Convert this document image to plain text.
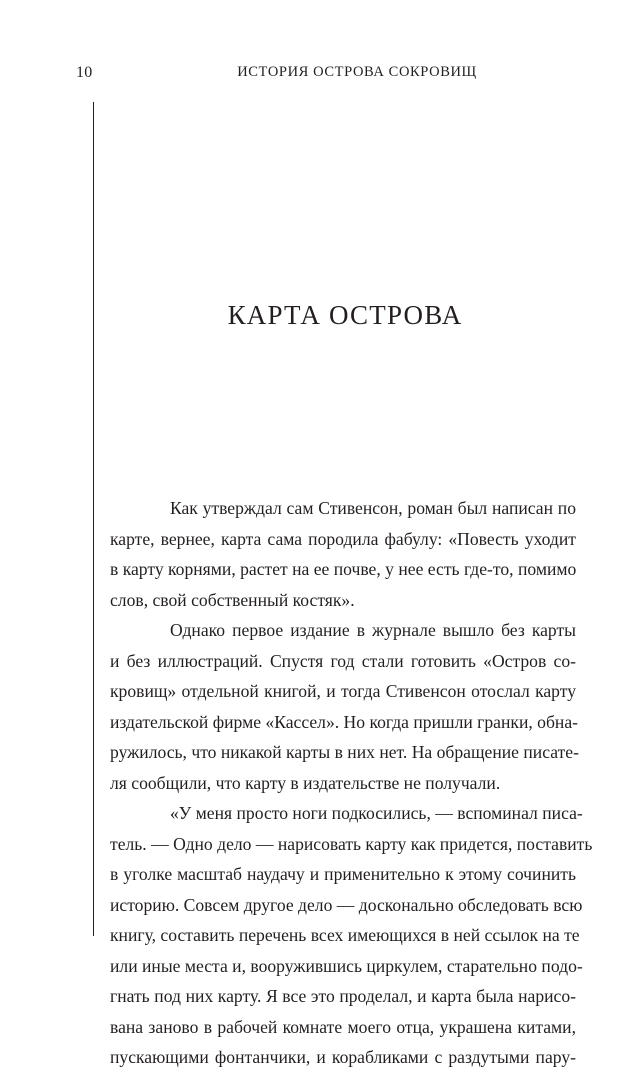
10	ИСТОРИЯ ОСТРОВА СОКРОВИЩ
КАРТА ОСТРОВА
Как утверждал сам Стивенсон, роман был написан по
карте, вернее, карта сама породила фабулу: «Повесть уходит
в карту корнями, растет на ее почве, у нее есть где-то, помимо
слов, свой собственный костяк».
Однако первое издание в журнале вышло без карты
и без иллюстраций. Спустя год стали готовить «Остров со-
кровищ» отдельной книгой, и тогда Стивенсон отослал карту
издательской фирме «Кассел». Но когда пришли гранки, обна-
ружилось, что никакой карты в них нет. На обращение писате-
ля сообщили, что карту в издательстве не получали.
«У меня просто ноги подкосились, — вспоминал писа-
тель. — Одно дело — нарисовать карту как придется, поставить
в уголке масштаб наудачу и применительно к этому сочинить
историю. Совсем другое дело — досконально обследовать всю
книгу, составить перечень всех имеющихся в ней ссылок на те
или иные места и, вооружившись циркулем, старательно подо-
гнать под них карту. Я все это проделал, и карта была нарисо-
вана заново в рабочей комнате моего отца, украшена китами,
пускающими фонтанчики, и корабликами с раздутыми пару-
